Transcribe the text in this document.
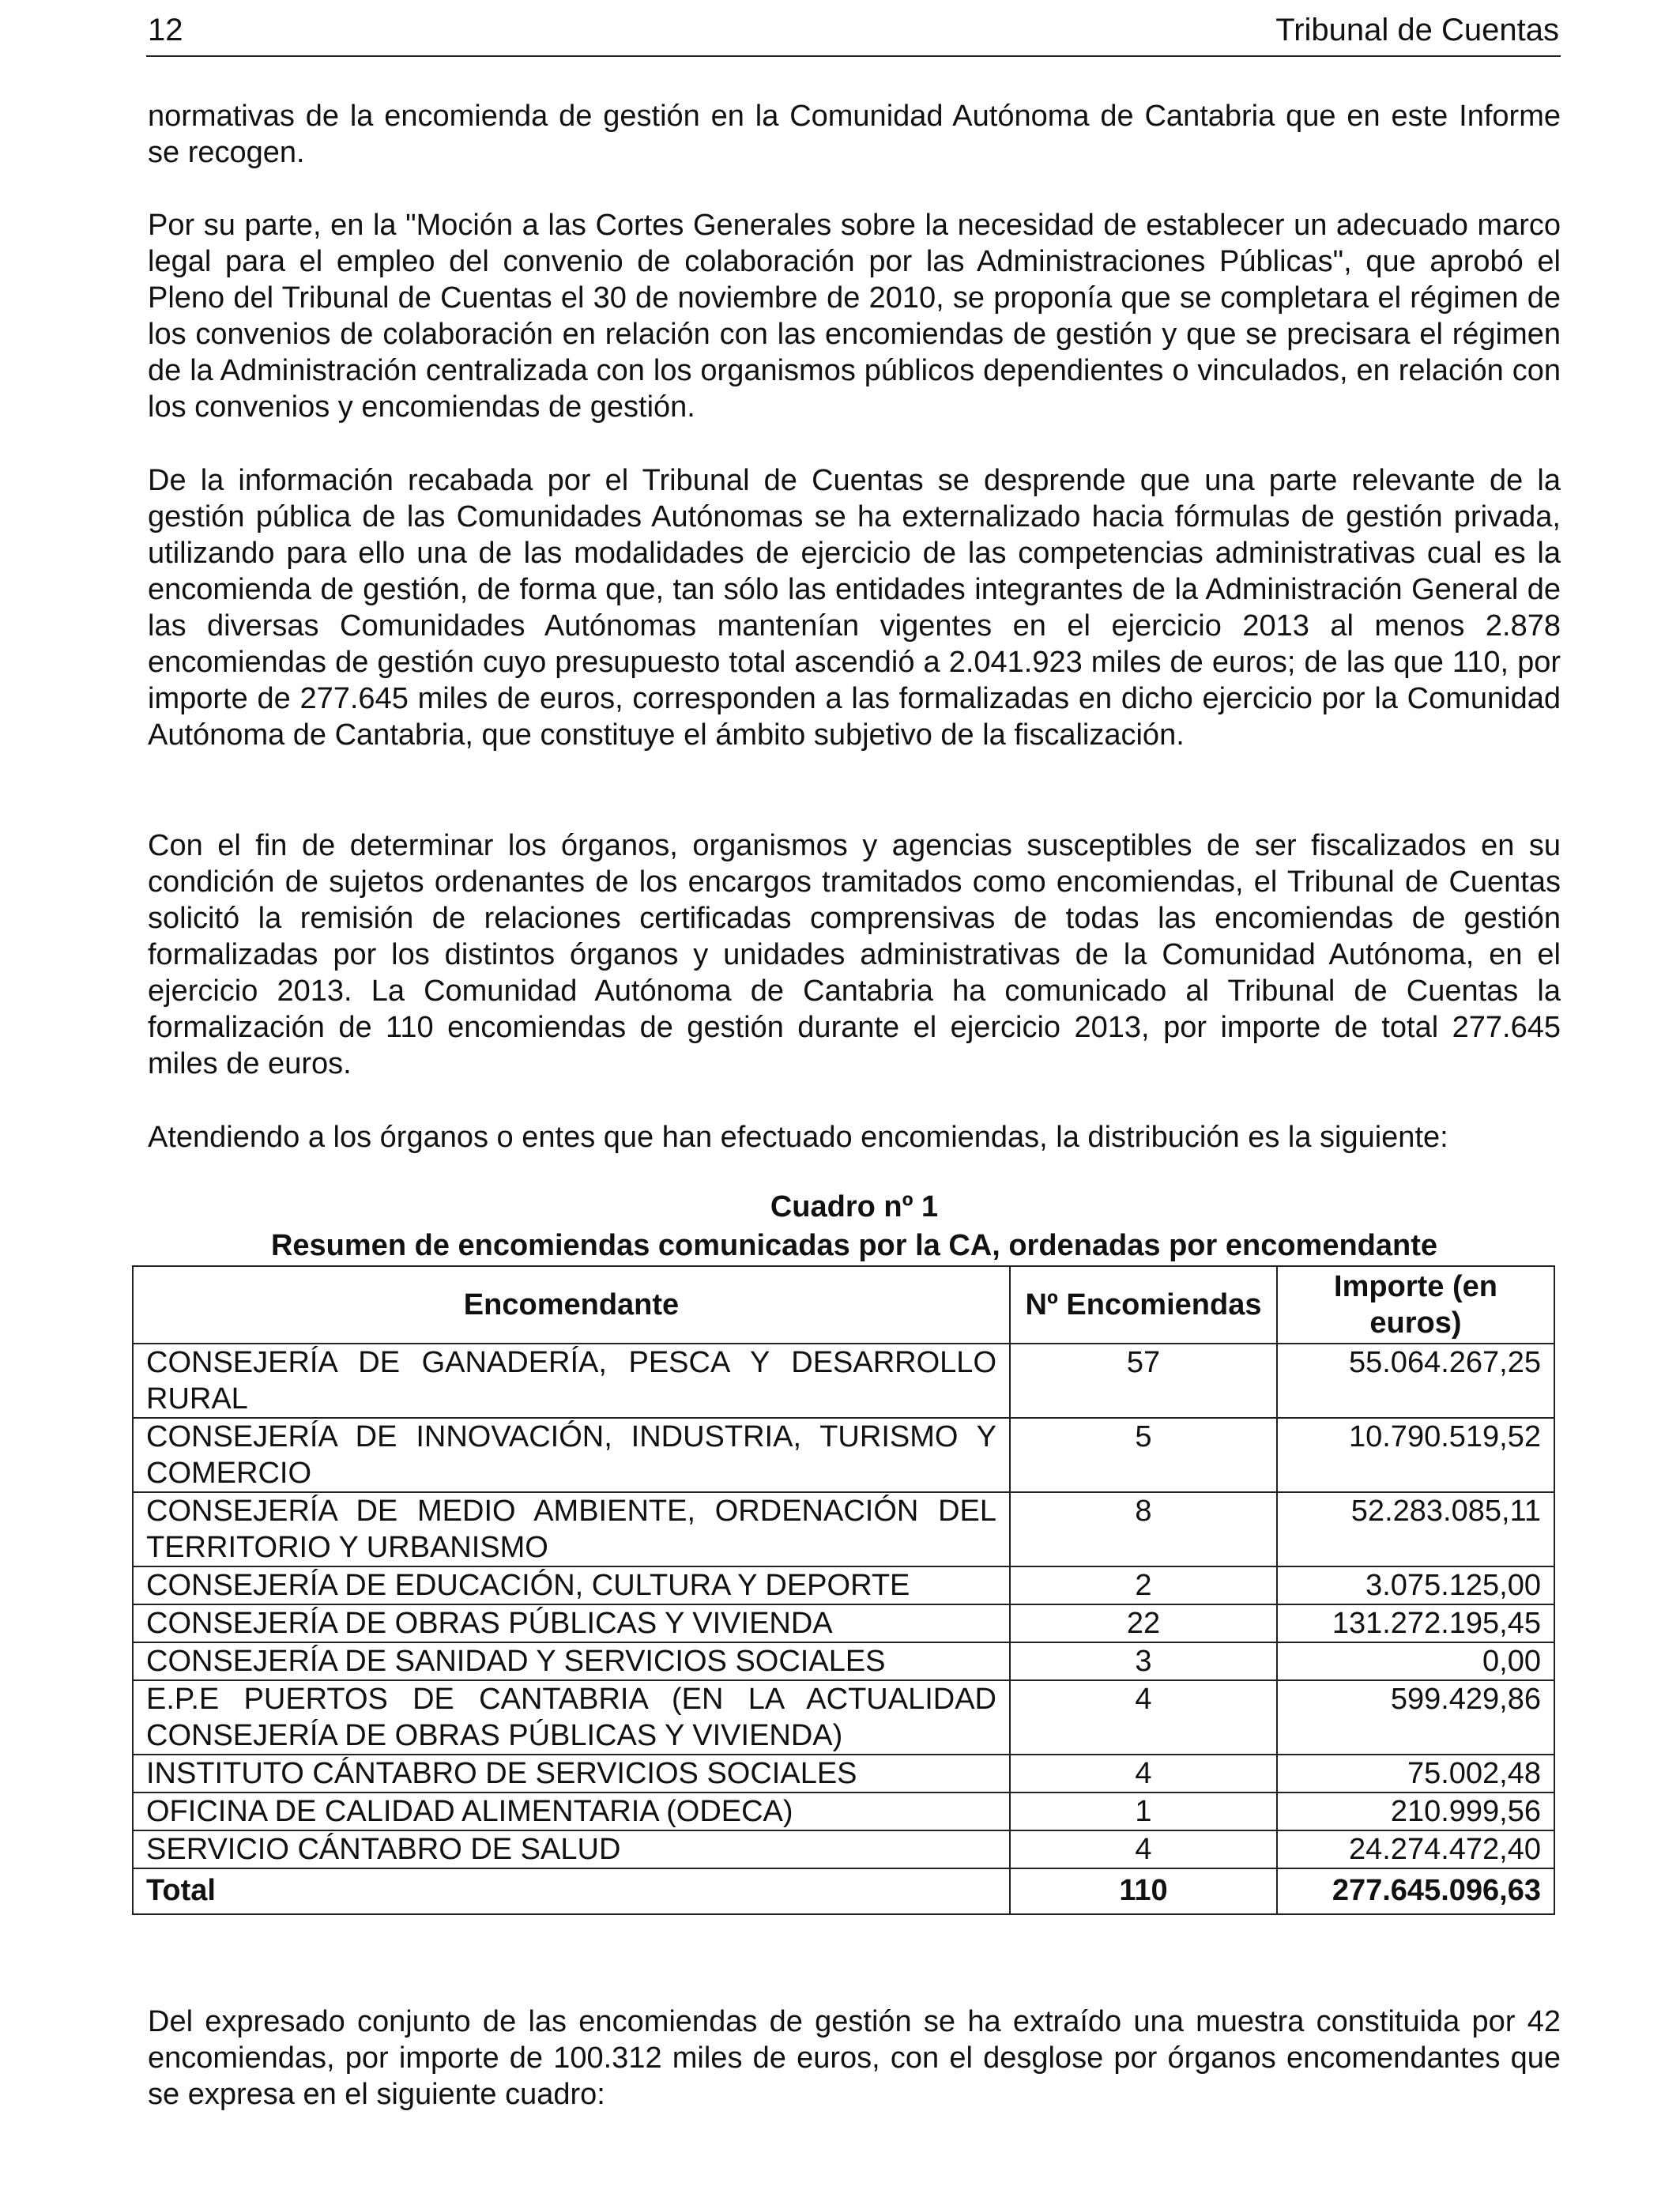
12	Tribunal de Cuentas

normativas de la encomienda de gestión en la Comunidad Autónoma de Cantabria que en este Informe se recogen.

Por su parte, en la "Moción a las Cortes Generales sobre la necesidad de establecer un adecuado marco legal para el empleo del convenio de colaboración por las Administraciones Públicas", que aprobó el Pleno del Tribunal de Cuentas el 30 de noviembre de 2010, se proponía que se completara el régimen de los convenios de colaboración en relación con las encomiendas de gestión y que se precisara el régimen de la Administración centralizada con los organismos públicos dependientes o vinculados, en relación con los convenios y encomiendas de gestión.

De la información recabada por el Tribunal de Cuentas se desprende que una parte relevante de la gestión pública de las Comunidades Autónomas se ha externalizado hacia fórmulas de gestión privada, utilizando para ello una de las modalidades de ejercicio de las competencias administrativas cual es la encomienda de gestión, de forma que, tan sólo las entidades integrantes de la Administración General de las diversas Comunidades Autónomas mantenían vigentes en el ejercicio 2013 al menos 2.878 encomiendas de gestión cuyo presupuesto total ascendió a 2.041.923 miles de euros; de las que 110, por importe de 277.645 miles de euros, corresponden a las formalizadas en dicho ejercicio por la Comunidad Autónoma de Cantabria, que constituye el ámbito subjetivo de la fiscalización.

Con el fin de determinar los órganos, organismos y agencias susceptibles de ser fiscalizados en su condición de sujetos ordenantes de los encargos tramitados como encomiendas, el Tribunal de Cuentas solicitó la remisión de relaciones certificadas comprensivas de todas las encomiendas de gestión formalizadas por los distintos órganos y unidades administrativas de la Comunidad Autónoma, en el ejercicio 2013. La Comunidad Autónoma de Cantabria ha comunicado al Tribunal de Cuentas la formalización de 110 encomiendas de gestión durante el ejercicio 2013, por importe de total 277.645 miles de euros.

Atendiendo a los órganos o entes que han efectuado encomiendas, la distribución es la siguiente:

Cuadro nº 1

Resumen de encomiendas comunicadas por la CA, ordenadas por encomendante

Encomendante	Nº Encomiendas	Importe (en euros)
CONSEJERÍA DE GANADERÍA, PESCA Y DESARROLLO RURAL	57	55.064.267,25
CONSEJERÍA DE INNOVACIÓN, INDUSTRIA, TURISMO Y COMERCIO	5	10.790.519,52
CONSEJERÍA DE MEDIO AMBIENTE, ORDENACIÓN DEL TERRITORIO Y URBANISMO	8	52.283.085,11
CONSEJERÍA DE EDUCACIÓN, CULTURA Y DEPORTE	2	3.075.125,00
CONSEJERÍA DE OBRAS PÚBLICAS Y VIVIENDA	22	131.272.195,45
CONSEJERÍA DE SANIDAD Y SERVICIOS SOCIALES	3	0,00
E.P.E PUERTOS DE CANTABRIA (EN LA ACTUALIDAD CONSEJERÍA DE OBRAS PÚBLICAS Y VIVIENDA)	4	599.429,86
INSTITUTO CÁNTABRO DE SERVICIOS SOCIALES	4	75.002,48
OFICINA DE CALIDAD ALIMENTARIA (ODECA)	1	210.999,56
SERVICIO CÁNTABRO DE SALUD	4	24.274.472,40
Total	110	277.645.096,63

Del expresado conjunto de las encomiendas de gestión se ha extraído una muestra constituida por 42 encomiendas, por importe de 100.312 miles de euros, con el desglose por órganos encomendantes que se expresa en el siguiente cuadro:
